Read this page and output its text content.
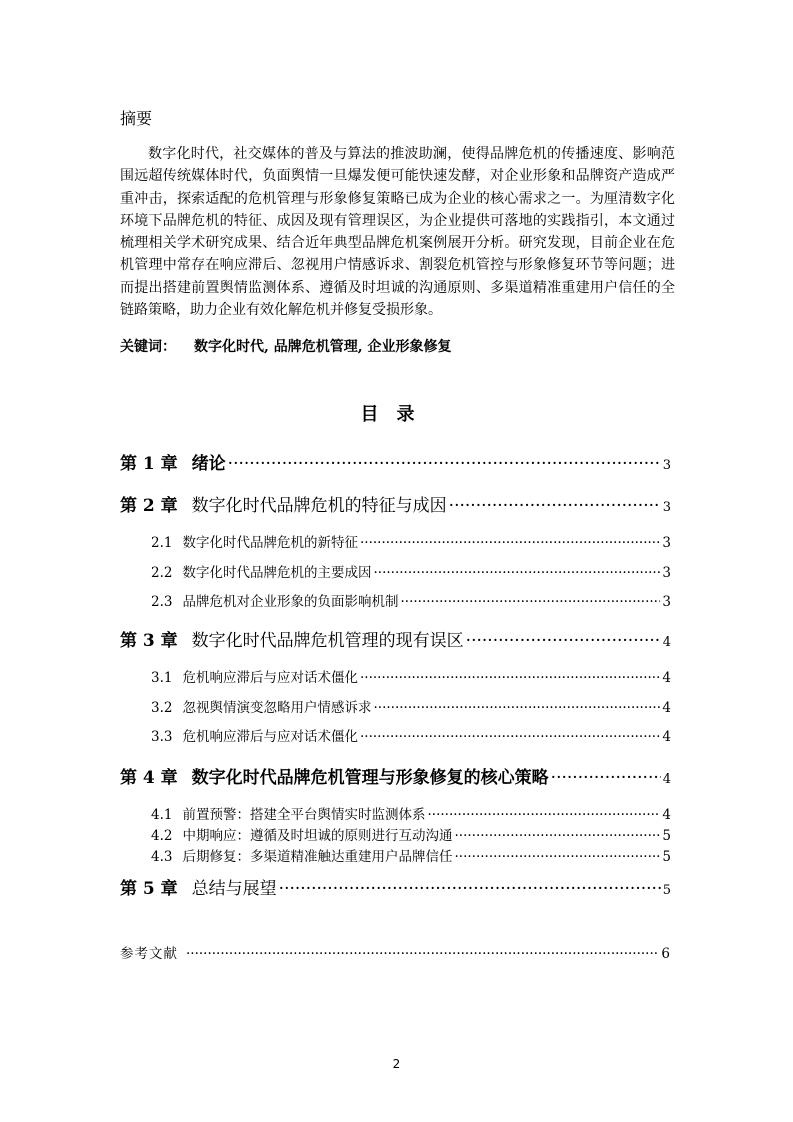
摘要

数字化时代，社交媒体的普及与算法的推波助澜，使得品牌危机的传播速度、影响范围远超传统媒体时代，负面舆情一旦爆发便可能快速发酵，对企业形象和品牌资产造成严重冲击，探索适配的危机管理与形象修复策略已成为企业的核心需求之一。为厘清数字化环境下品牌危机的特征、成因及现有管理误区，为企业提供可落地的实践指引，本文通过梳理相关学术研究成果、结合近年典型品牌危机案例展开分析。研究发现，目前企业在危机管理中常存在响应滞后、忽视用户情感诉求、割裂危机管控与形象修复环节等问题；进而提出搭建前置舆情监测体系、遵循及时坦诚的沟通原则、多渠道精准重建用户信任的全链路策略，助力企业有效化解危机并修复受损形象。

关键词： 数字化时代, 品牌危机管理, 企业形象修复
目录
第 1 章 绪论 ·····	3
第 2 章 数字化时代品牌危机的特征与成因 ·····	3
2.1 数字化时代品牌危机的新特征 ·····	3
2.2 数字化时代品牌危机的主要成因 ·····	3
2.3 品牌危机对企业形象的负面影响机制 ·····	3
第 3 章 数字化时代品牌危机管理的现有误区 ·····	4
3.1 危机响应滞后与应对话术僵化 ·····	4
3.2 忽视舆情演变忽略用户情感诉求 ·····	4
3.3 危机响应滞后与应对话术僵化 ·····	4
第 4 章 数字化时代品牌危机管理与形象修复的核心策略 ·····	4
4.1 前置预警：搭建全平台舆情实时监测体系 ·····	4
4.2 中期响应：遵循及时坦诚的原则进行互动沟通 ·····	5
4.3 后期修复：多渠道精准触达重建用户品牌信任 ·····	5
第 5 章 总结与展望 ·····	5
参考文献 ·····	6
2
